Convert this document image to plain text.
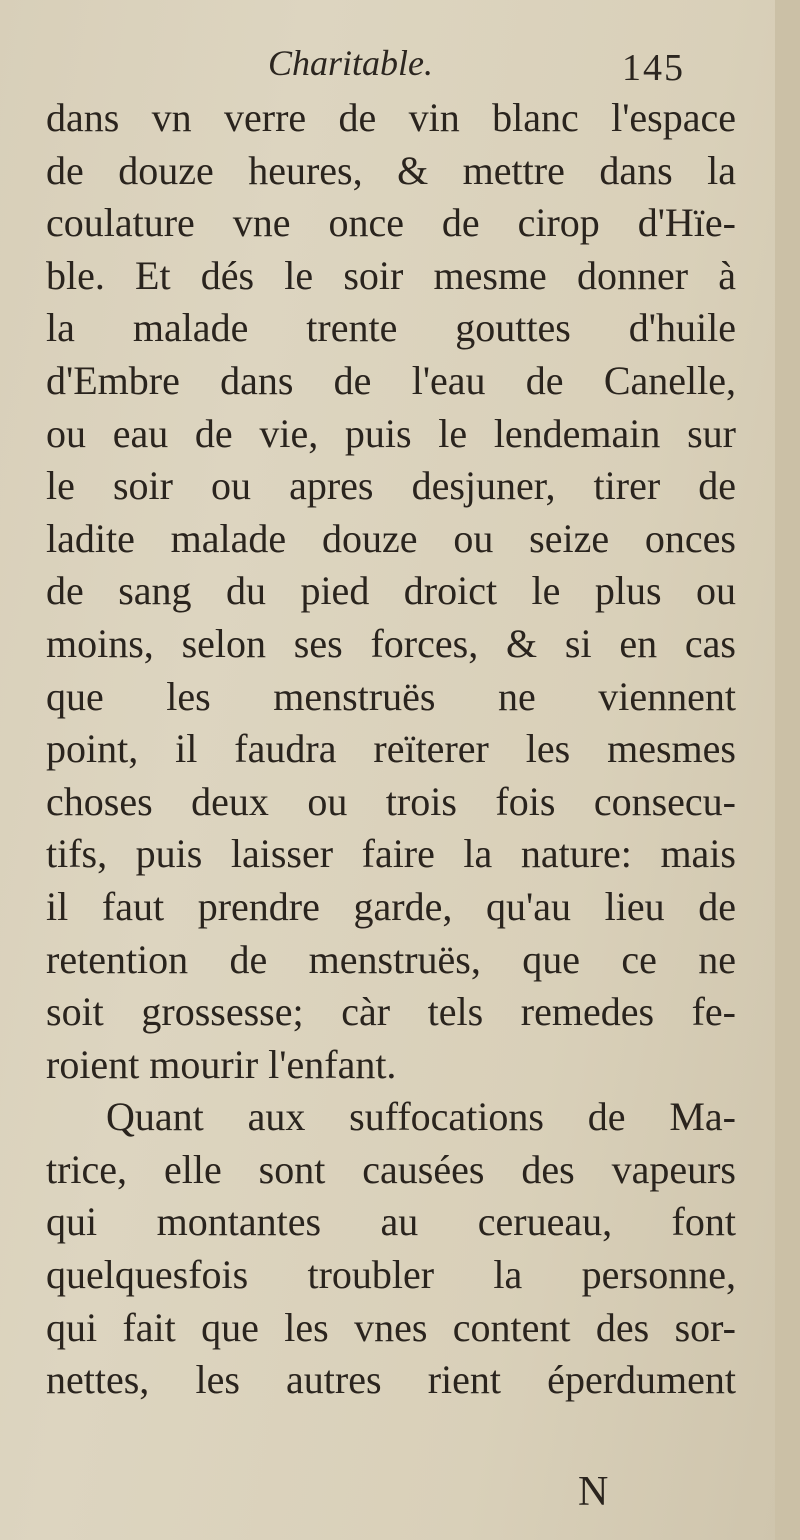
Charitable.	145
dans vn verre de vin blanc l'espace
de douze heures, & mettre dans la
coulature vne once de cirop d'Hïe-
ble. Et dés le soir mesme donner à
la malade trente gouttes d'huile
d'Embre dans de l'eau de Canelle,
ou eau de vie, puis le lendemain sur
le soir ou apres desjuner, tirer de
ladite malade douze ou seize onces
de sang du pied droict le plus ou
moins, selon ses forces, & si en cas
que les menstruës ne viennent
point, il faudra reïterer les mesmes
choses deux ou trois fois consecu-
tifs, puis laisser faire la nature: mais
il faut prendre garde, qu'au lieu de
retention de menstruës, que ce ne
soit grossesse; càr tels remedes fe-
roient mourir l'enfant.
Quant aux suffocations de Ma-
trice, elle sont causées des vapeurs
qui montantes au cerueau, font
quelquesfois troubler la personne,
qui fait que les vnes content des sor-
nettes, les autres rient éperdument
N
